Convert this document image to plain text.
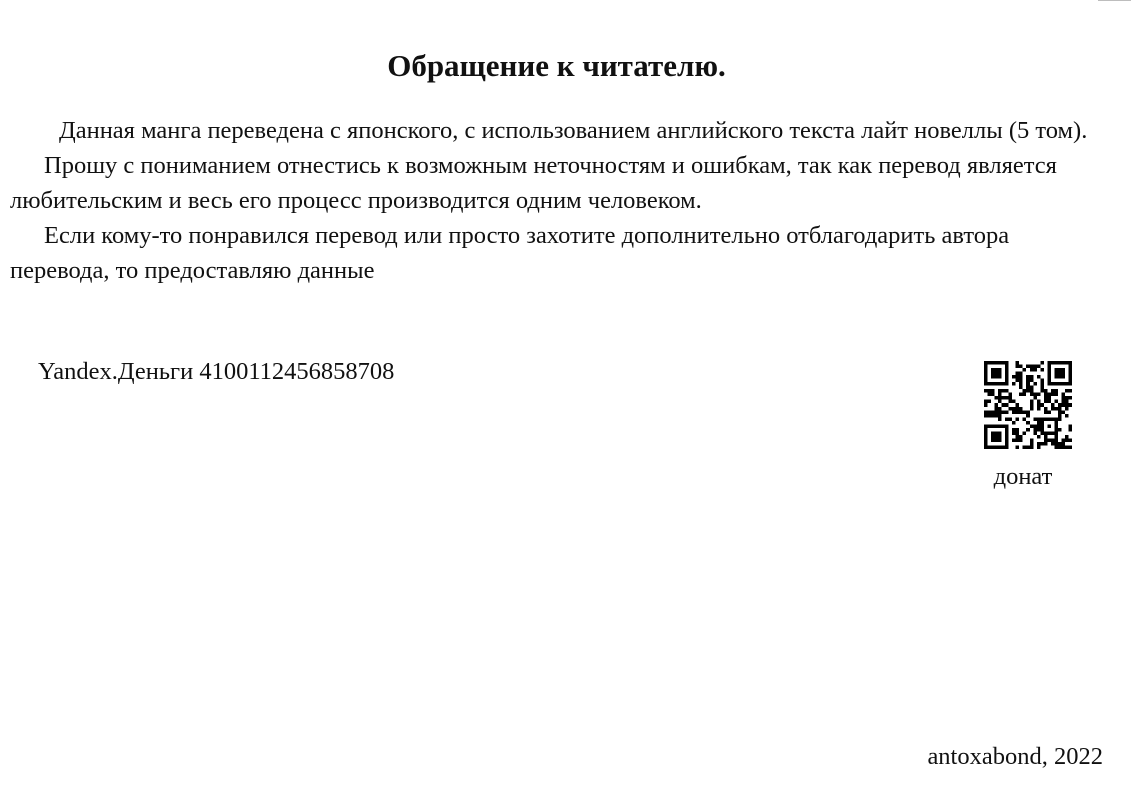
Обращение к читателю.

Данная манга переведена с японского, с использованием английского текста лайт новеллы (5 том).

Прошу с пониманием отнестись к возможным неточностям и ошибкам, так как перевод является любительским и весь его процесс производится одним человеком.

Если кому-то понравился перевод или просто захотите дополнительно отблагодарить автора перевода, то предоставляю данные

Yandex.Деньги 4100112456858708
донат
antoxabond, 2022
